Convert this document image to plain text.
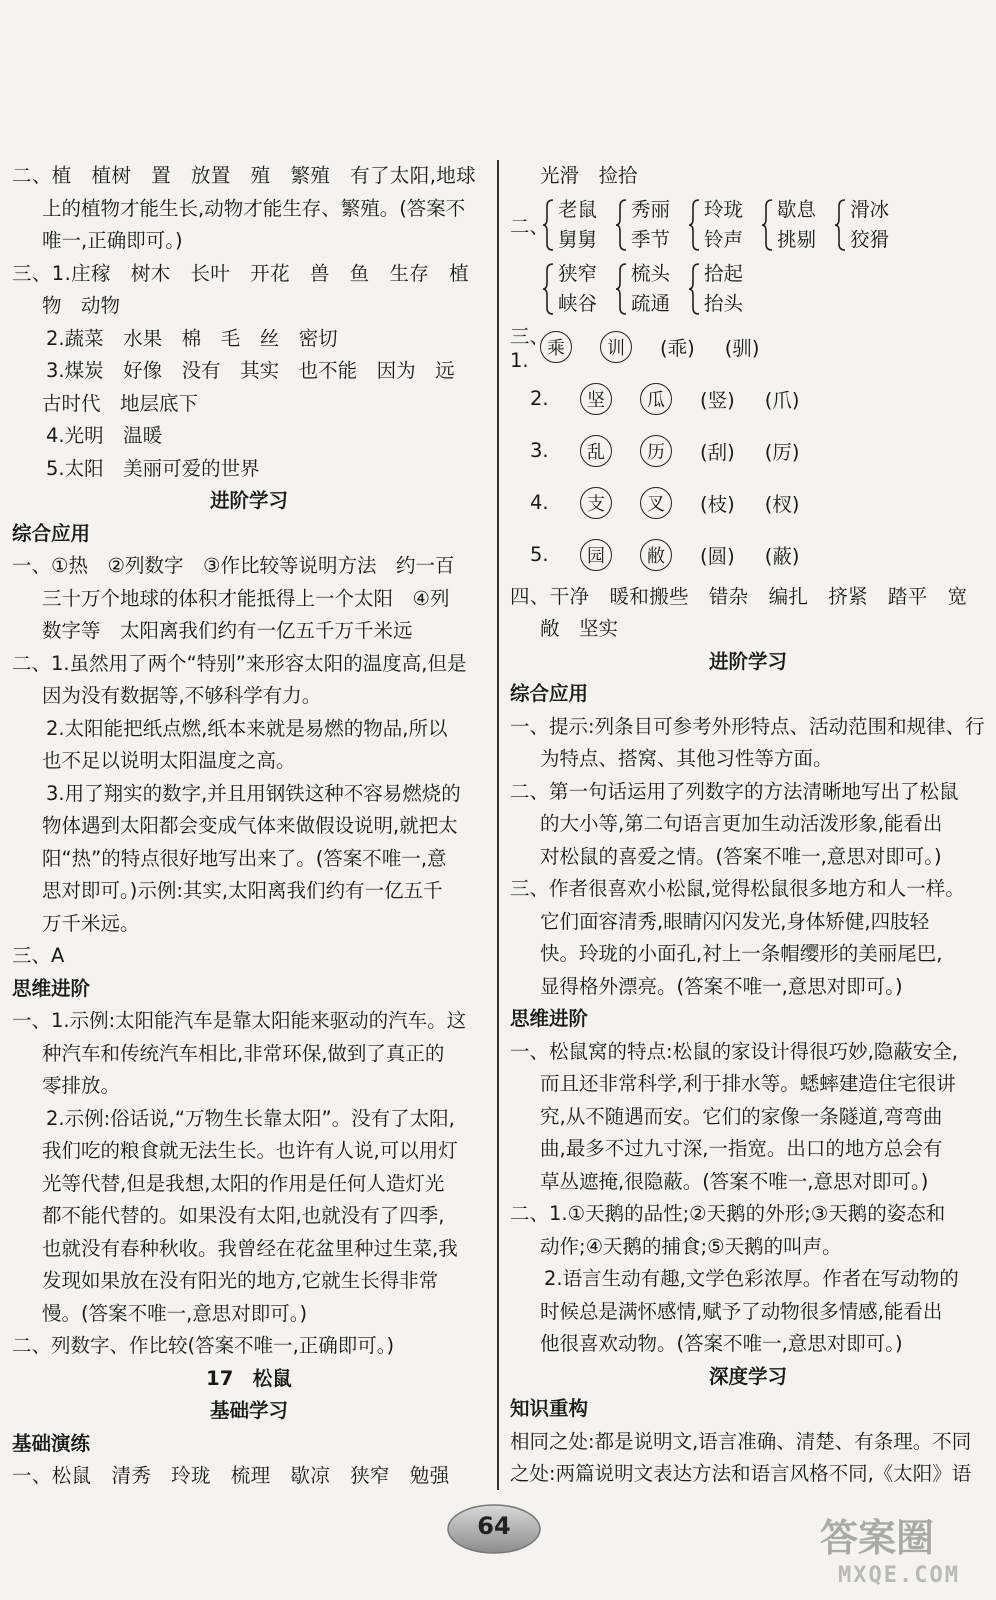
二、植　植树　置　放置　殖　繁殖　有了太阳,地球
上的植物才能生长,动物才能生存、繁殖。(答案不
唯一,正确即可。)
三、1.庄稼　树木　长叶　开花　兽　鱼　生存　植
物　动物
2.蔬菜　水果　棉　毛　丝　密切
3.煤炭　好像　没有　其实　也不能　因为　远
古时代　地层底下
4.光明　温暖
5.太阳　美丽可爱的世界
进阶学习
综合应用
一、①热　②列数字　③作比较等说明方法　约一百
三十万个地球的体积才能抵得上一个太阳　④列
数字等　太阳离我们约有一亿五千万千米远
二、1.虽然用了两个“特别”来形容太阳的温度高,但是
因为没有数据等,不够科学有力。
2.太阳能把纸点燃,纸本来就是易燃的物品,所以
也不足以说明太阳温度之高。
3.用了翔实的数字,并且用钢铁这种不容易燃烧的
物体遇到太阳都会变成气体来做假设说明,就把太
阳“热”的特点很好地写出来了。(答案不唯一,意
思对即可。)示例:其实,太阳离我们约有一亿五千
万千米远。
三、A
思维进阶
一、1.示例:太阳能汽车是靠太阳能来驱动的汽车。这
种汽车和传统汽车相比,非常环保,做到了真正的
零排放。
2.示例:俗话说,“万物生长靠太阳”。没有了太阳,
我们吃的粮食就无法生长。也许有人说,可以用灯
光等代替,但是我想,太阳的作用是任何人造灯光
都不能代替的。如果没有太阳,也就没有了四季,
也就没有春种秋收。我曾经在花盆里种过生菜,我
发现如果放在没有阳光的地方,它就生长得非常
慢。(答案不唯一,意思对即可。)
二、列数字、作比较(答案不唯一,正确即可。)
17　松鼠
基础学习
基础演练
一、松鼠　清秀　玲珑　梳理　歇凉　狭窄　勉强
光滑　捡拾
二、
老鼠
舅舅
秀丽
季节
玲珑
铃声
歇息
挑剔
滑冰
狡猾
狭窄
峡谷
梳头
疏通
拾起
抬头
三、1.
乘	训	(乖) (驯)
2.	坚	瓜	(竖) (爪)
3.	乱	历	(刮) (厉)
4.	支	叉	(枝) (杈)
5.	园	敝	(圆) (蔽)
四、干净　暖和搬些　错杂　编扎　挤紧　踏平　宽
敞　坚实
进阶学习
综合应用
一、提示:列条目可参考外形特点、活动范围和规律、行
为特点、搭窝、其他习性等方面。
二、第一句话运用了列数字的方法清晰地写出了松鼠
的大小等,第二句语言更加生动活泼形象,能看出
对松鼠的喜爱之情。(答案不唯一,意思对即可。)
三、作者很喜欢小松鼠,觉得松鼠很多地方和人一样。
它们面容清秀,眼睛闪闪发光,身体矫健,四肢轻
快。玲珑的小面孔,衬上一条帽缨形的美丽尾巴,
显得格外漂亮。(答案不唯一,意思对即可。)
思维进阶
一、松鼠窝的特点:松鼠的家设计得很巧妙,隐蔽安全,
而且还非常科学,利于排水等。蟋蟀建造住宅很讲
究,从不随遇而安。它们的家像一条隧道,弯弯曲
曲,最多不过九寸深,一指宽。出口的地方总会有
草丛遮掩,很隐蔽。(答案不唯一,意思对即可。)
二、1.①天鹅的品性;②天鹅的外形;③天鹅的姿态和
动作;④天鹅的捕食;⑤天鹅的叫声。
2.语言生动有趣,文学色彩浓厚。作者在写动物的
时候总是满怀感情,赋予了动物很多情感,能看出
他很喜欢动物。(答案不唯一,意思对即可。)
深度学习
知识重构
相同之处:都是说明文,语言准确、清楚、有条理。不同
之处:两篇说明文表达方法和语言风格不同,《太阳》语
64	答案圈
MXQE.COM
